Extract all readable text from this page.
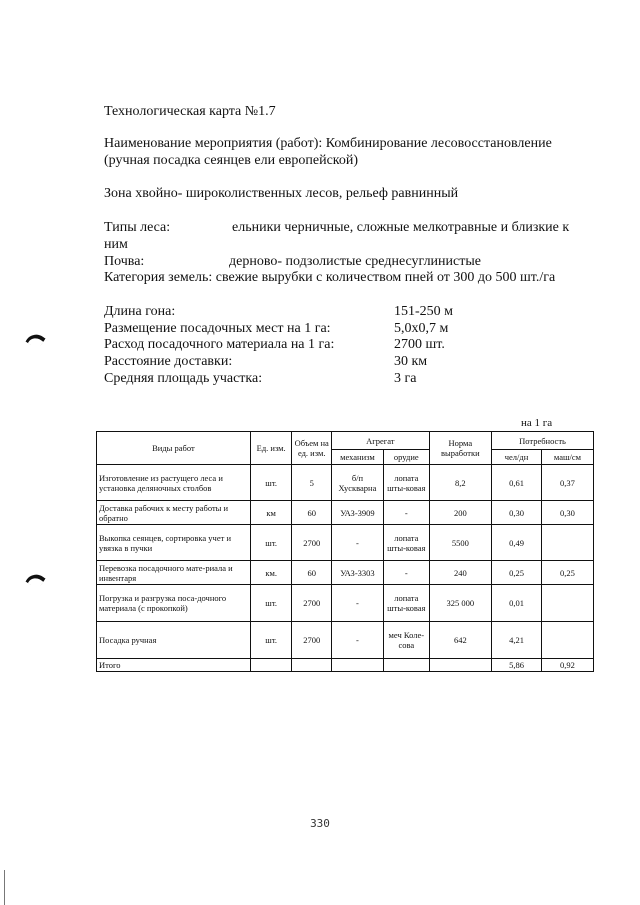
Технологическая карта №1.7
Наименование мероприятия (работ): Комбинирование лесовосстановление
(ручная посадка сеянцев ели европейской)
Зона хвойно- широколиственных лесов, рельеф равнинный
Типы леса:	ельники черничные, сложные мелкотравные и близкие к
ним
Почва:	дерново- подзолистые среднесуглинистые
Категория земель: свежие вырубки с количеством пней от 300 до 500 шт./га
Длина гона:	151-250 м
Размещение посадочных мест на 1 га:	5,0х0,7 м
Расход посадочного материала на 1 га:	2700 шт.
Расстояние доставки:	30 км
Средняя площадь участка:	3 га
на 1 га
Виды работ	Ед. изм.	Объем на ед. изм.	Агрегат		Норма выработки	Потребность	
			механизм	орудие		чел/дн	маш/см
Изготовление из растущего леса и установка деляночных столбов	шт.	5	б/п Хускварна	лопата шты-ковая	8,2	0,61	0,37
Доставка рабочих к месту работы и обратно	км	60	УАЗ-3909	-	200	0,30	0,30
Выкопка сеянцев, сортировка учет и увязка в пучки	шт.	2700	-	лопата шты-ковая	5500	0,49	
Перевозка посадочного мате-риала и инвентаря	км.	60	УАЗ-3303	-	240	0,25	0,25
Погрузка и разгрузка поса-дочного материала (с прокопкой)	шт.	2700	-	лопата шты-ковая	325 000	0,01	
Посадка ручная	шт.	2700	-	меч Колe-сова	642	4,21	
Итого						5,86	0,92
330
